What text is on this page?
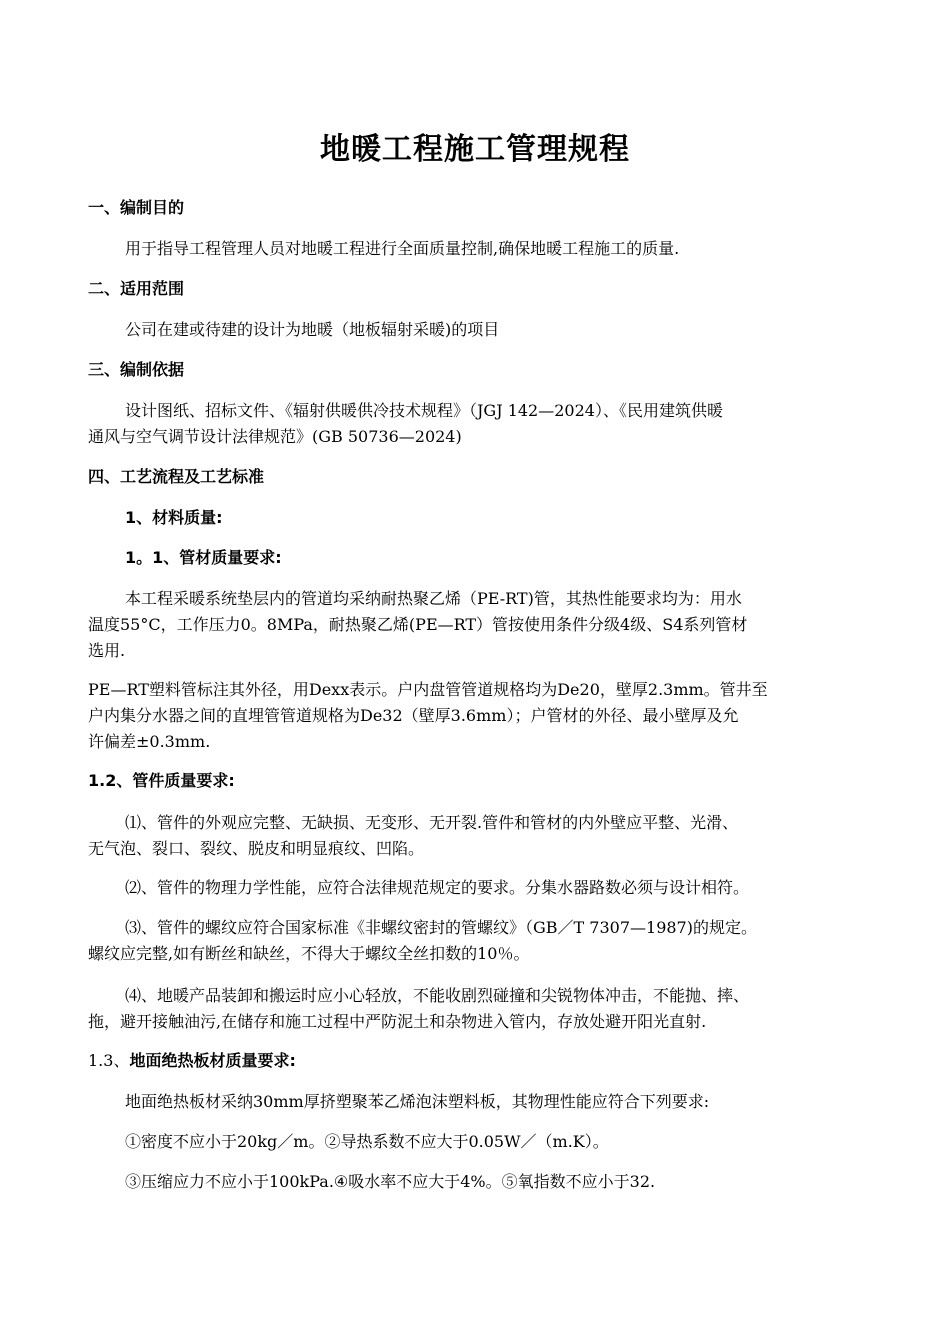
地暖工程施工管理规程
一、编制目的
用于指导工程管理人员对地暖工程进行全面质量控制,确保地暖工程施工的质量.
二、适用范围
公司在建或待建的设计为地暖（地板辐射采暖)的项目
三、编制依据
设计图纸、招标文件、《辐射供暖供冷技术规程》（JGJ 142—2024）、《民用建筑供暖
通风与空气调节设计法律规范》(GB 50736—2024)
四、工艺流程及工艺标准
1、材料质量:
1。1、管材质量要求:
本工程采暖系统垫层内的管道均采纳耐热聚乙烯（PE-RT)管，其热性能要求均为：用水
温度55°C，工作压力0。8MPa，耐热聚乙烯(PE—RT）管按使用条件分级4级、S4系列管材
选用.
PE—RT塑料管标注其外径，用Dexx表示。户内盘管管道规格均为De20，壁厚2.3mm。管井至
户内集分水器之间的直埋管管道规格为De32（壁厚3.6mm）；户管材的外径、最小壁厚及允
许偏差±0.3mm.
1.2、管件质量要求:
⑴、管件的外观应完整、无缺损、无变形、无开裂.管件和管材的内外壁应平整、光滑、
无气泡、裂口、裂纹、脱皮和明显痕纹、凹陷。
⑵、管件的物理力学性能，应符合法律规范规定的要求。分集水器路数必须与设计相符。
⑶、管件的螺纹应符合国家标准《非螺纹密封的管螺纹》（GB／T 7307—1987)的规定。
螺纹应完整,如有断丝和缺丝，不得大于螺纹全丝扣数的10％。
⑷、地暖产品装卸和搬运时应小心轻放，不能收剧烈碰撞和尖锐物体冲击，不能抛、摔、
拖，避开接触油污,在储存和施工过程中严防泥土和杂物进入管内，存放处避开阳光直射.
1.3、地面绝热板材质量要求:
地面绝热板材采纳30mm厚挤塑聚苯乙烯泡沫塑料板，其物理性能应符合下列要求:
①密度不应小于20kg／m。②导热系数不应大于0.05W／（m.K）。
③压缩应力不应小于100kPa.④吸水率不应大于4%。⑤氧指数不应小于32.
